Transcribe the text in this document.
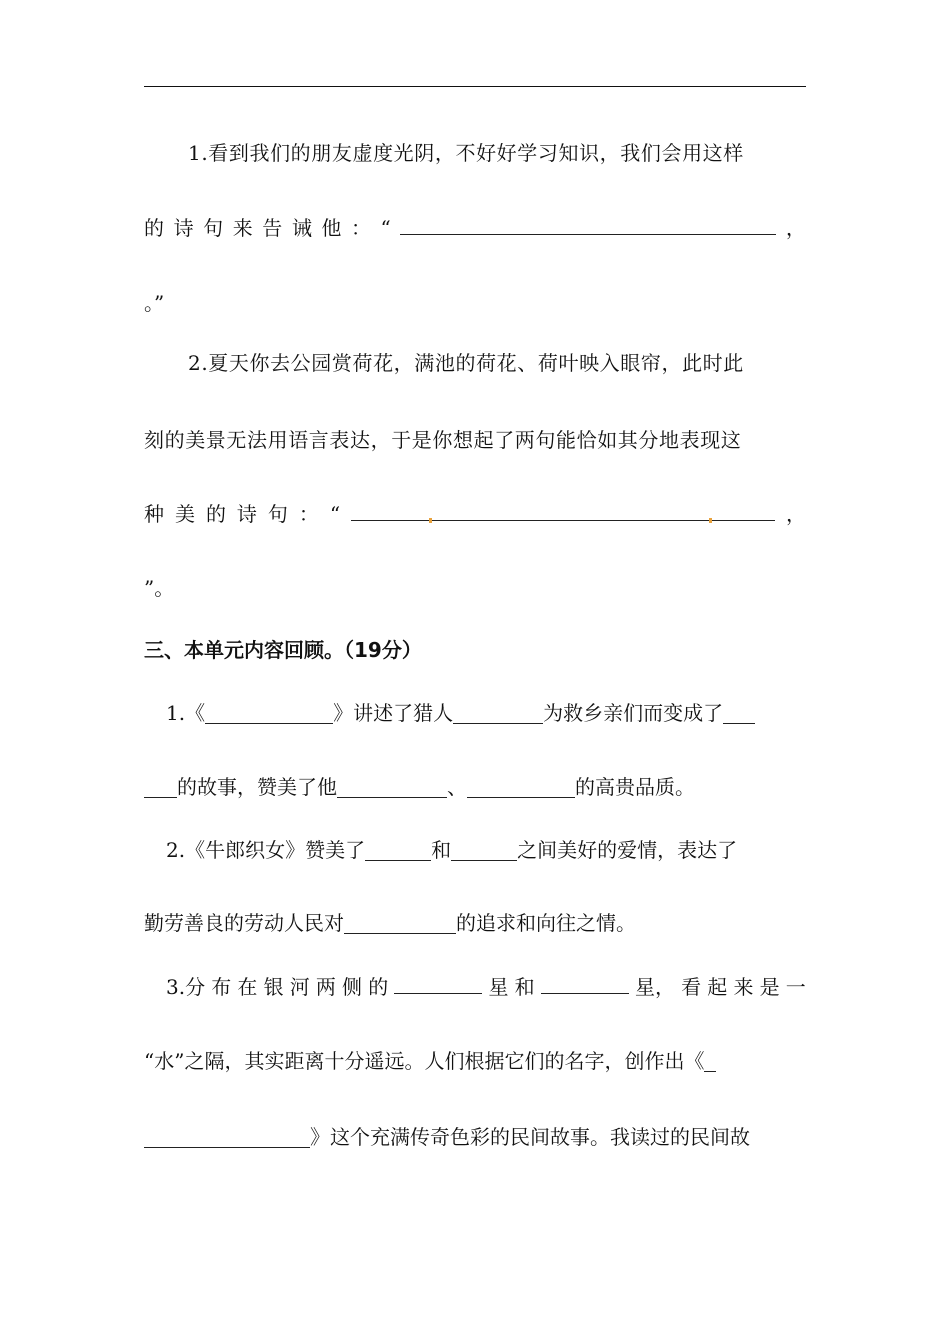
1.看到我们的朋友虚度光阴，不好好学习知识，我们会用这样
的 诗 句 来 告 诫 他 ： “	，
。”
2.夏天你去公园赏荷花，满池的荷花、荷叶映入眼帘，此时此
刻的美景无法用语言表达，于是你想起了两句能恰如其分地表现这
种 美 的 诗 句 ： “	，
”。
三、本单元内容回顾。（19分）
1.《	》讲述了猎人	为救乡亲们而变成了
的故事，赞美了他	、	的高贵品质。
2.《牛郎织女》赞美了	和	之间美好的爱情，表达了
勤劳善良的劳动人民对	的追求和向往之情。
3.分 布 在 银 河 两 侧 的	星 和	星， 看 起 来 是 一
“水”之隔，其实距离十分遥远。人们根据它们的名字，创作出《
》这个充满传奇色彩的民间故事。我读过的民间故
